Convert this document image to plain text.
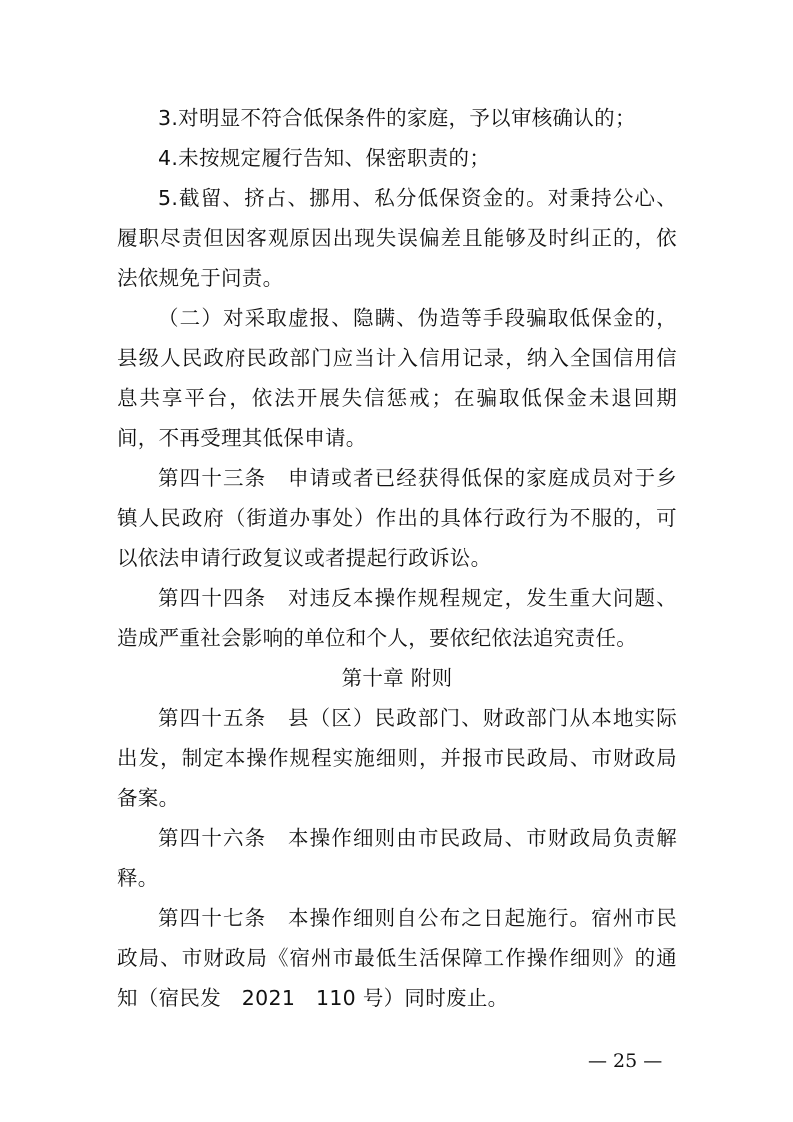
3.对明显不符合低保条件的家庭，予以审核确认的；

4.未按规定履行告知、保密职责的；

5.截留、挤占、挪用、私分低保资金的。对秉持公心、履职尽责但因客观原因出现失误偏差且能够及时纠正的，依法依规免于问责。

（二）对采取虚报、隐瞒、伪造等手段骗取低保金的，县级人民政府民政部门应当计入信用记录，纳入全国信用信息共享平台，依法开展失信惩戒；在骗取低保金未退回期间，不再受理其低保申请。

第四十三条　申请或者已经获得低保的家庭成员对于乡镇人民政府（街道办事处）作出的具体行政行为不服的，可以依法申请行政复议或者提起行政诉讼。

第四十四条　对违反本操作规程规定，发生重大问题、造成严重社会影响的单位和个人，要依纪依法追究责任。

第十章 附则

第四十五条　县（区）民政部门、财政部门从本地实际出发，制定本操作规程实施细则，并报市民政局、市财政局备案。

第四十六条　本操作细则由市民政局、市财政局负责解释。

第四十七条　本操作细则自公布之日起施行。宿州市民政局、市财政局《宿州市最低生活保障工作操作细则》的通知（宿民发　2021　110 号）同时废止。

— 25 —
